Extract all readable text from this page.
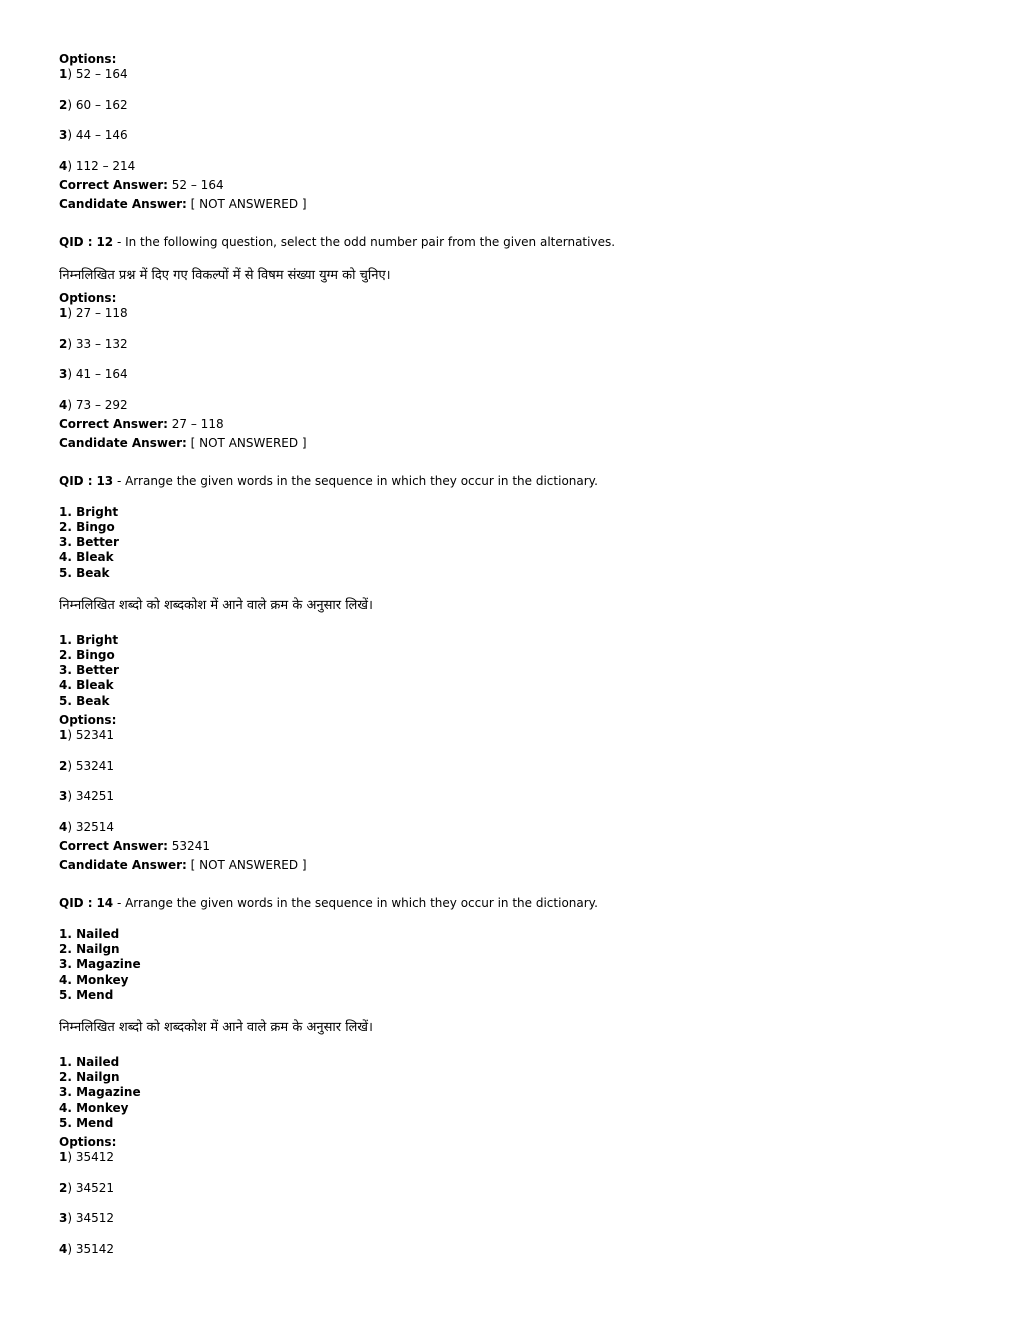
Options:
1) 52 – 164
2) 60 – 162
3) 44 – 146
4) 112 – 214
Correct Answer: 52 – 164
Candidate Answer: [ NOT ANSWERED ]
QID : 12 - In the following question, select the odd number pair from the given alternatives.
निम्नलिखित प्रश्न में दिए गए विकल्पों में से विषम संख्या युग्म को चुनिए।
Options:
1) 27 – 118
2) 33 – 132
3) 41 – 164
4) 73 – 292
Correct Answer: 27 – 118
Candidate Answer: [ NOT ANSWERED ]
QID : 13 - Arrange the given words in the sequence in which they occur in the dictionary.
1. Bright
2. Bingo
3. Better
4. Bleak
5. Beak
निम्नलिखित शब्दो को शब्दकोश में आने वाले क्रम के अनुसार लिखें।
1. Bright
2. Bingo
3. Better
4. Bleak
5. Beak
Options:
1) 52341
2) 53241
3) 34251
4) 32514
Correct Answer: 53241
Candidate Answer: [ NOT ANSWERED ]
QID : 14 - Arrange the given words in the sequence in which they occur in the dictionary.
1. Nailed
2. Nailgn
3. Magazine
4. Monkey
5. Mend
निम्नलिखित शब्दो को शब्दकोश में आने वाले क्रम के अनुसार लिखें।
1. Nailed
2. Nailgn
3. Magazine
4. Monkey
5. Mend
Options:
1) 35412
2) 34521
3) 34512
4) 35142
